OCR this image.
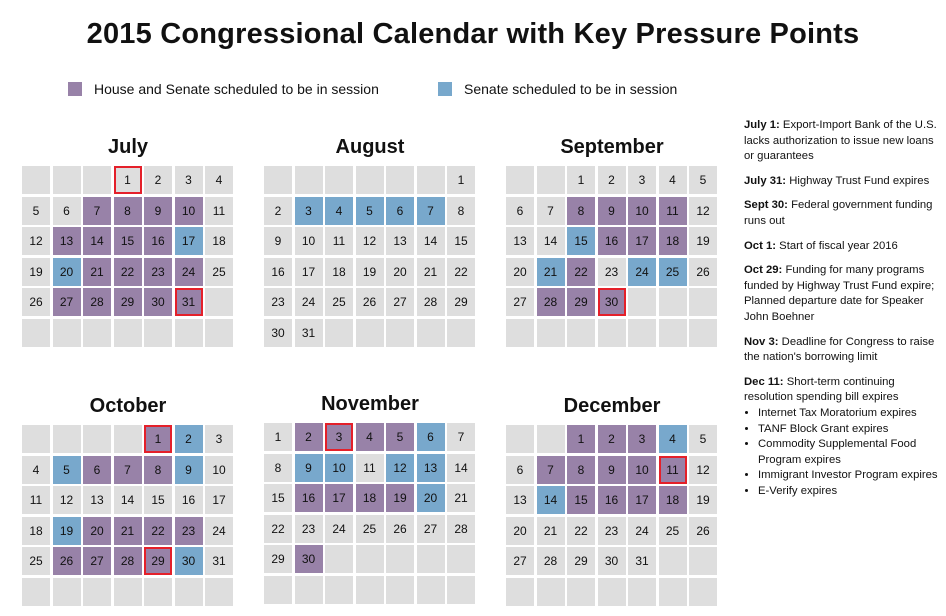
2015 Congressional Calendar with Key Pressure Points
House and Senate scheduled to be in session	Senate scheduled to be in session
July
1 2 3 4
5 6 7 8 9 10 11
12 13 14 15 16 17 18
19 20 21 22 23 24 25
26 27 28 29 30 31
August
1
2 3 4 5 6 7 8
9 10 11 12 13 14 15
16 17 18 19 20 21 22
23 24 25 26 27 28 29
30 31
September
1 2 3 4 5
6 7 8 9 10 11 12
13 14 15 16 17 18 19
20 21 22 23 24 25 26
27 28 29 30
October
1 2 3
4 5 6 7 8 9 10
11 12 13 14 15 16 17
18 19 20 21 22 23 24
25 26 27 28 29 30 31
November
1 2 3 4 5 6 7
8 9 10 11 12 13 14
15 16 17 18 19 20 21
22 23 24 25 26 27 28
29 30
December
1 2 3 4 5
6 7 8 9 10 11 12
13 14 15 16 17 18 19
20 21 22 23 24 25 26
27 28 29 30 31
July 1: Export-Import Bank of the U.S. lacks authorization to issue new loans or guarantees
July 31: Highway Trust Fund expires
Sept 30: Federal government funding runs out
Oct 1: Start of fiscal year 2016
Oct 29: Funding for many programs funded by Highway Trust Fund expire; Planned departure date for Speaker John Boehner
Nov 3: Deadline for Congress to raise the nation's borrowing limit
Dec 11: Short-term continuing resolution spending bill expires
• Internet Tax Moratorium expires
• TANF Block Grant expires
• Commodity Supplemental Food Program expires
• Immigrant Investor Program expires
• E-Verify expires
